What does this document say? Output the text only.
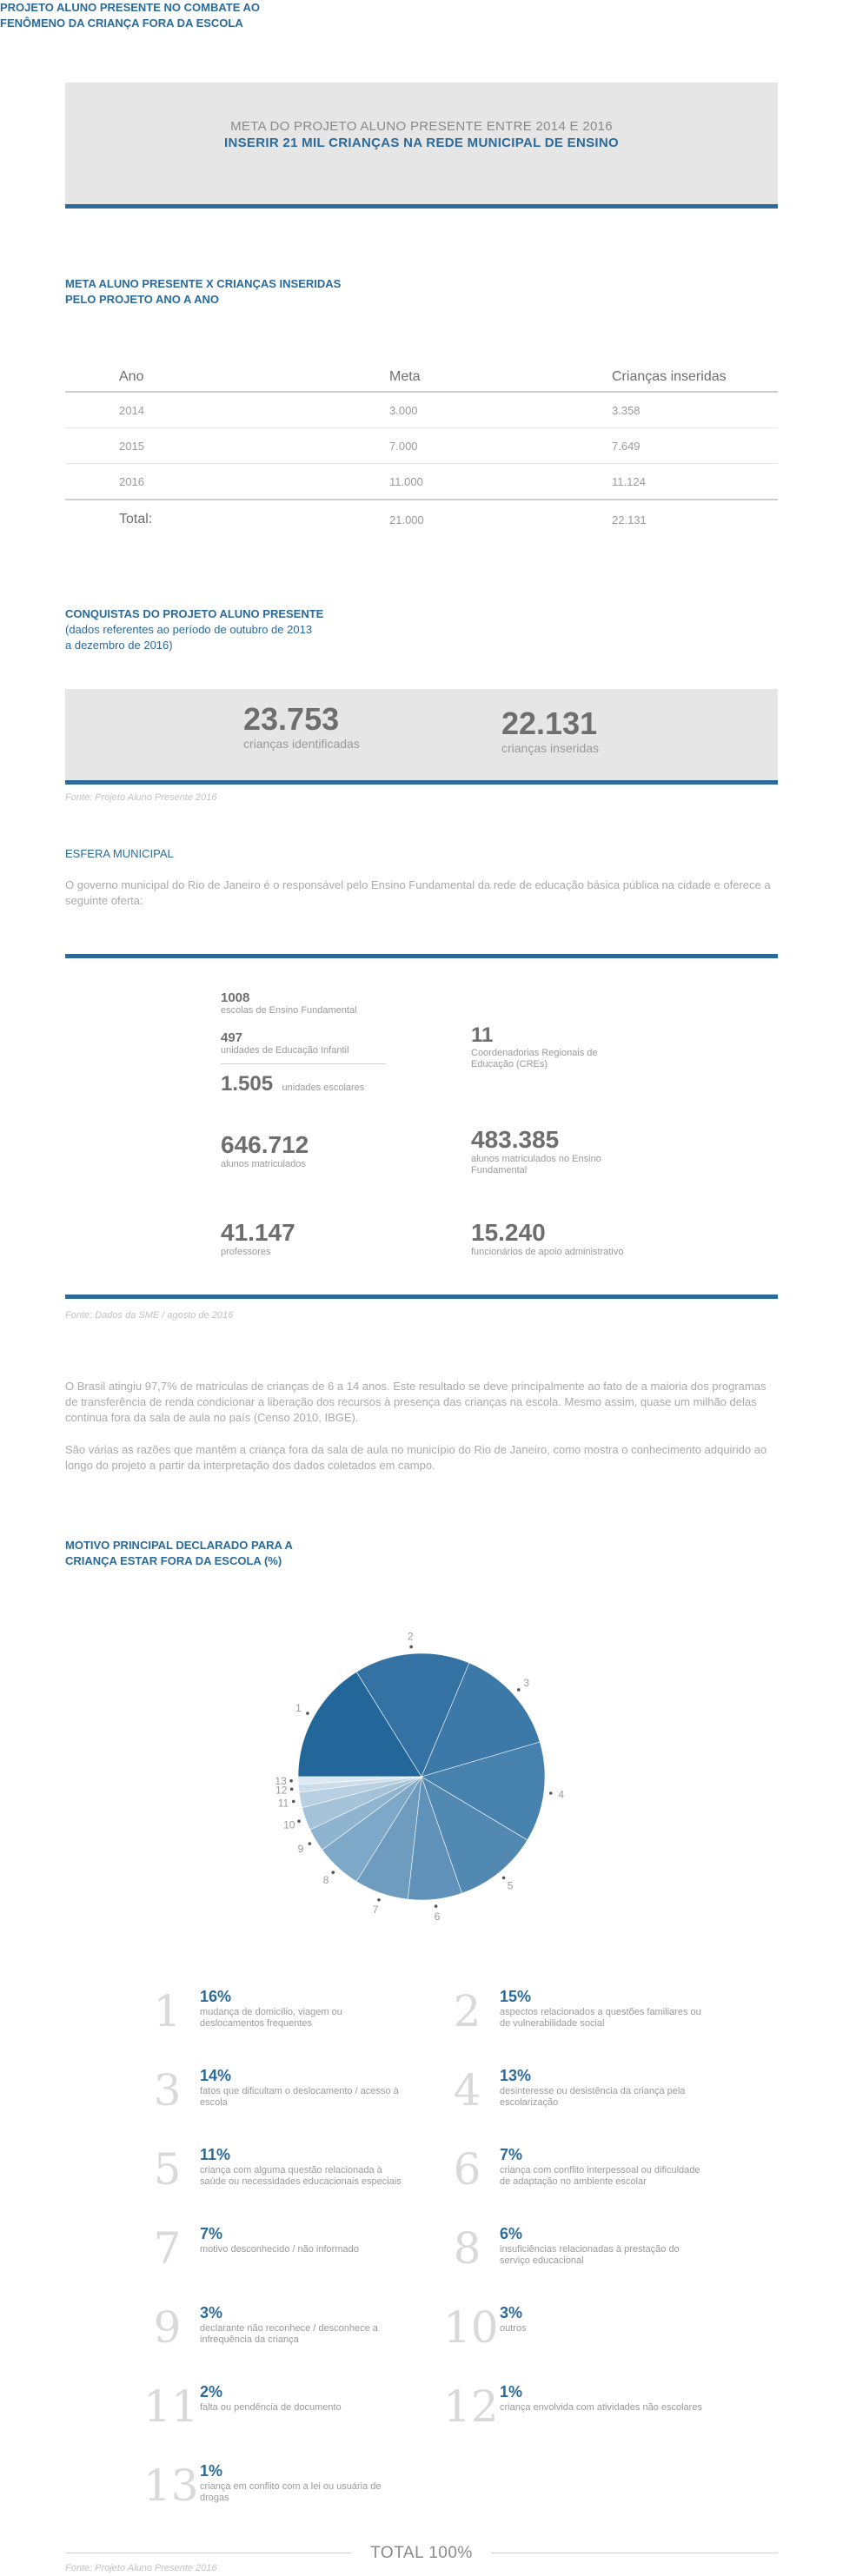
PROJETO ALUNO PRESENTE NO COMBATE AO
FENÔMENO DA CRIANÇA FORA DA ESCOLA
META DO PROJETO ALUNO PRESENTE ENTRE 2014 E 2016
INSERIR 21 MIL CRIANÇAS NA REDE MUNICIPAL DE ENSINO
META ALUNO PRESENTE X CRIANÇAS INSERIDAS
PELO PROJETO ANO A ANO
Ano	Meta	Crianças inseridas
2014	3.000	3.358
2015	7.000	7.649
2016	11.000	11.124
Total:	21.000	22.131
CONQUISTAS DO PROJETO ALUNO PRESENTE
(dados referentes ao período de outubro de 2013
a dezembro de 2016)
23.753
crianças identificadas
22.131
crianças inseridas
Fonte: Projeto Aluno Presente 2016
ESFERA MUNICIPAL

O governo municipal do Rio de Janeiro é o responsável pelo Ensino Fundamental da rede de educação básica pública na cidade e oferece a seguinte oferta:

1008
escolas de Ensino Fundamental
497
unidades de Educação Infantil
1.505 unidades escolares
11
Coordenadorias Regionais de
Educação (CREs)
646.712
alunos matriculados
483.385
alunos matriculados no Ensino
Fundamental
41.147
professores
15.240
funcionários de apoio administrativo
Fonte: Dados da SME / agosto de 2016

O Brasil atingiu 97,7% de matrículas de crianças de 6 a 14 anos. Este resultado se deve principalmente ao fato de a maioria dos programas de transferência de renda condicionar a liberação dos recursos à presença das crianças na escola. Mesmo assim, quase um milhão delas continua fora da sala de aula no país (Censo 2010, IBGE).

São várias as razões que mantêm a criança fora da sala de aula no município do Rio de Janeiro, como mostra o conhecimento adquirido ao longo do projeto a partir da interpretação dos dados coletados em campo.

MOTIVO PRINCIPAL DECLARADO PARA A
CRIANÇA ESTAR FORA DA ESCOLA (%)
1
2
3
4
5
6
7
8
9
10
11
12
13
1	16%
mudança de domicílio, viagem ou deslocamentos frequentes	2	15%
aspectos relacionados a questões familiares ou de vulnerabilidade social
3	14%
fatos que dificultam o deslocamento / acesso à escola	4	13%
desinteresse ou desistência da criança pela escolarização
5	11%
criança com alguma questão relacionada à saúde ou necessidades educacionais especiais 6	7%
criança com conflito interpessoal ou dificuldade de adaptação no ambiente escolar
7	7%
motivo desconhecido / não informado	8	6%
insuficiências relacionadas à prestação do serviço educacional
9	3%
declarante não reconhece / desconhece a infrequência da criança	10 3%
outros
11 2%
falta ou pendência de documento	12 1%
criança envolvida com atividades não escolares
13 1%
criança em conflito com a lei ou usuária de drogas
TOTAL 100%
Fonte: Projeto Aluno Presente 2016
